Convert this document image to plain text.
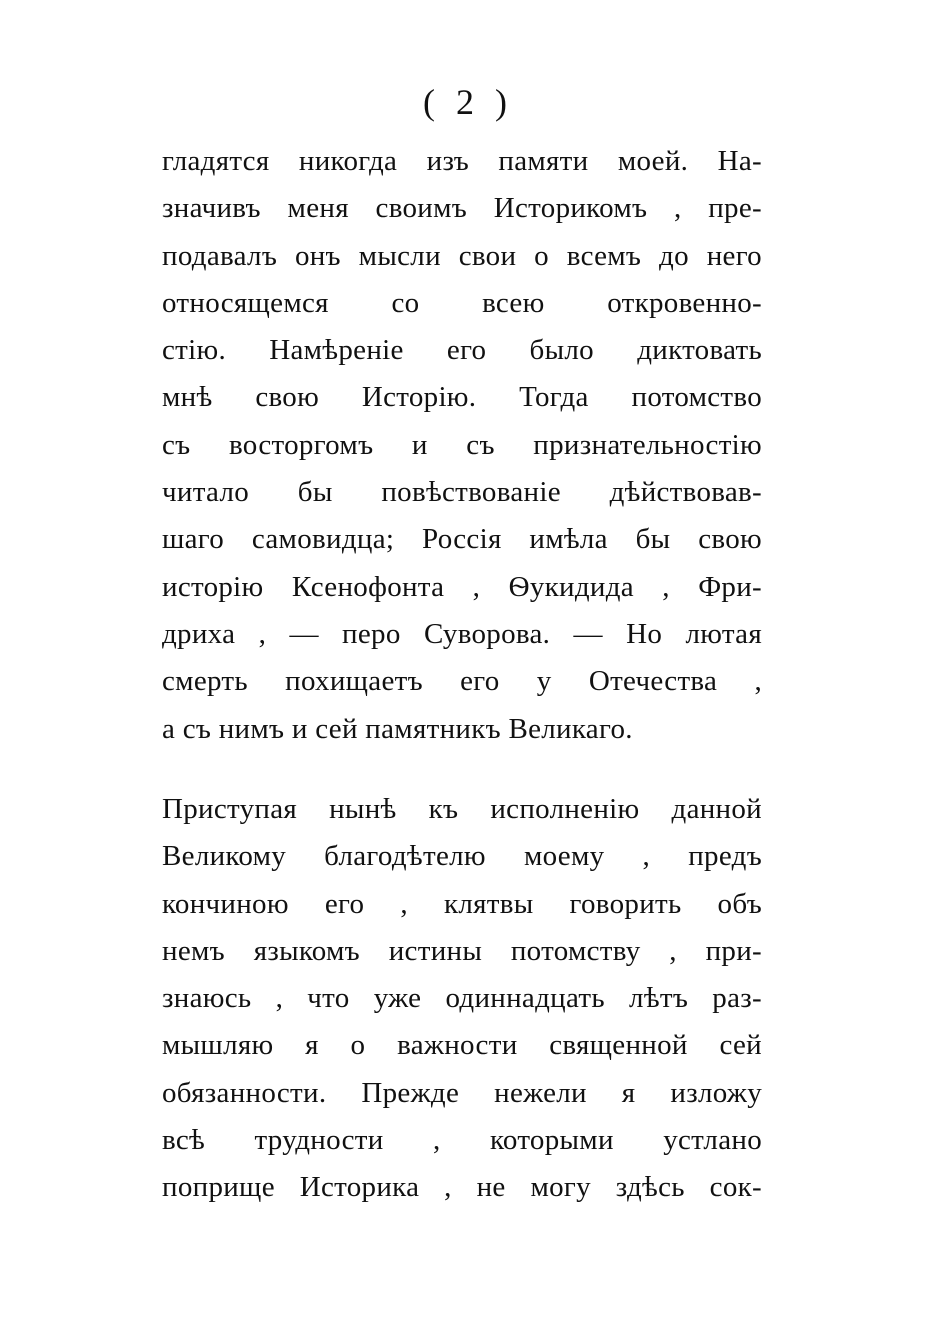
( 2 )
гладятся никогда изъ памяти моей. На-
значивъ меня своимъ Историкомъ , пре-
подавалъ онъ мысли свои о всемъ до него
относящемся со всею откровенно-
стію. Намѣреніе его было диктовать
мнѣ свою Исторію. Тогда потомство
съ восторгомъ и съ признательностію
читало бы повѣствованіе дѣйствовав-
шаго самовидца; Россія имѣла бы свою
исторію Ксенофонта , Ѳукидида , Фри-
дриха , — перо Суворова. — Но лютая
смерть похищаетъ его у Отечества ,
а съ нимъ и сей памятникъ Великаго.
Приступая нынѣ къ исполненію данной
Великому благодѣтелю моему , предъ
кончиною его , клятвы говорить объ
немъ языкомъ истины потомству , при-
знаюсь , что уже одиннадцать лѣтъ раз-
мышляю я о важности священной сей
обязанности. Прежде нежели я изложу
всѣ трудности , которыми устлано
поприще Историка , не могу здѣсь сок-
